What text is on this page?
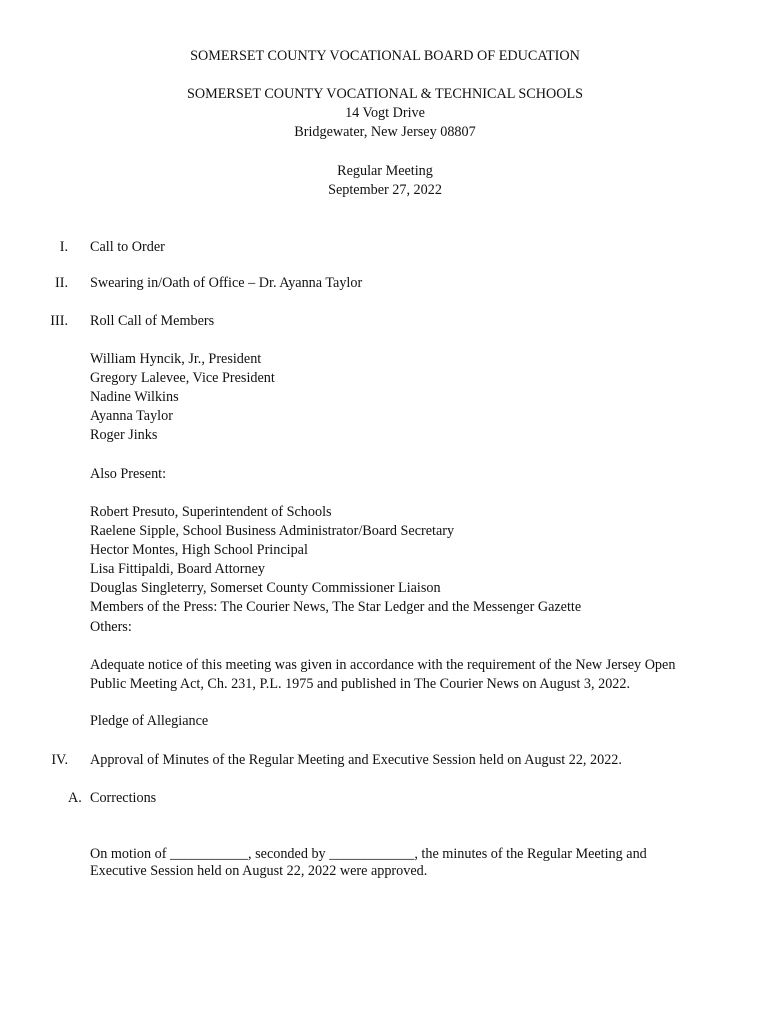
SOMERSET COUNTY VOCATIONAL BOARD OF EDUCATION
SOMERSET COUNTY VOCATIONAL & TECHNICAL SCHOOLS
14 Vogt Drive
Bridgewater, New Jersey 08807
Regular Meeting
September 27, 2022
I. Call to Order
II. Swearing in/Oath of Office – Dr. Ayanna Taylor
III. Roll Call of Members
William Hyncik, Jr., President
Gregory Lalevee, Vice President
Nadine Wilkins
Ayanna Taylor
Roger Jinks
Also Present:
Robert Presuto, Superintendent of Schools
Raelene Sipple, School Business Administrator/Board Secretary
Hector Montes, High School Principal
Lisa Fittipaldi, Board Attorney
Douglas Singleterry, Somerset County Commissioner Liaison
Members of the Press: The Courier News, The Star Ledger and the Messenger Gazette
Others:
Adequate notice of this meeting was given in accordance with the requirement of the New Jersey Open
Public Meeting Act, Ch. 231, P.L. 1975 and published in The Courier News on August 3, 2022.
Pledge of Allegiance
IV. Approval of Minutes of the Regular Meeting and Executive Session held on August 22, 2022.
A. Corrections
On motion of ___________, seconded by ____________, the minutes of the Regular Meeting and
Executive Session held on August 22, 2022 were approved.
